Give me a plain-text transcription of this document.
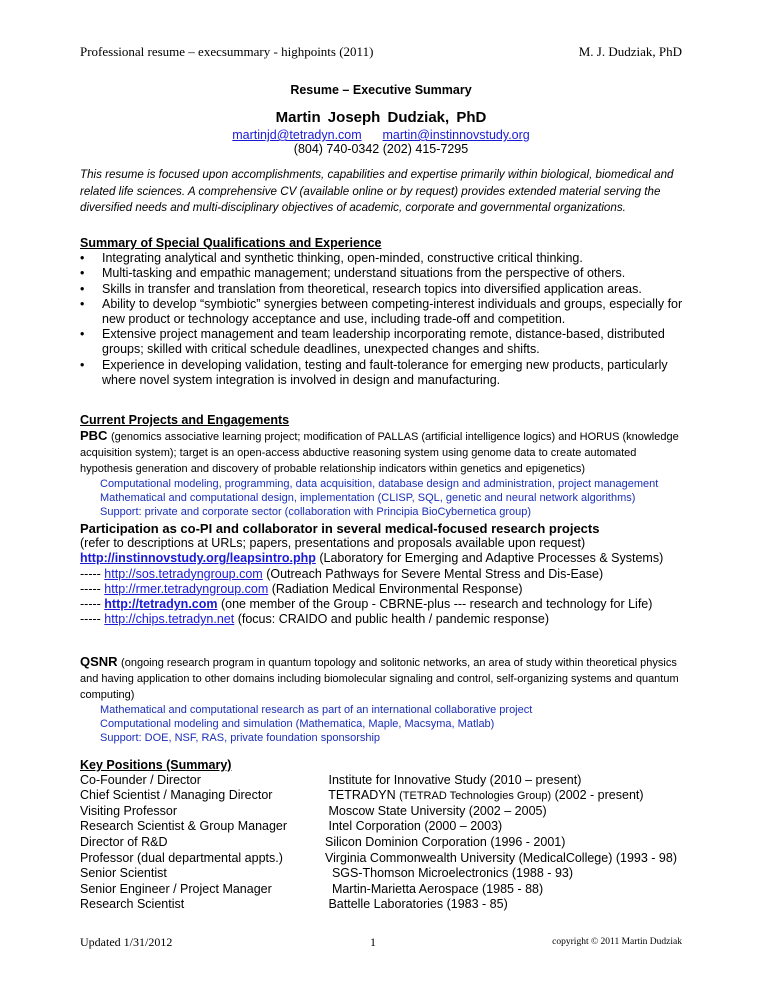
Professional resume – execsummary - highpoints (2011)	M. J. Dudziak, PhD
Resume – Executive Summary
Martin Joseph Dudziak, PhD
martinjd@tetradyn.com martin@instinnovstudy.org
(804) 740-0342 (202) 415-7295
This resume is focused upon accomplishments, capabilities and expertise primarily within biological, biomedical and related life sciences. A comprehensive CV (available online or by request) provides extended material serving the diversified needs and multi-disciplinary objectives of academic, corporate and governmental organizations.
Summary of Special Qualifications and Experience
• Integrating analytical and synthetic thinking, open-minded, constructive critical thinking.
• Multi-tasking and empathic management; understand situations from the perspective of others.
• Skills in transfer and translation from theoretical, research topics into diversified application areas.
• Ability to develop “symbiotic” synergies between competing-interest individuals and groups, especially for new product or technology acceptance and use, including trade-off and competition.
• Extensive project management and team leadership incorporating remote, distance-based, distributed groups; skilled with critical schedule deadlines, unexpected changes and shifts.
• Experience in developing validation, testing and fault-tolerance for emerging new products, particularly where novel system integration is involved in design and manufacturing.
Current Projects and Engagements
PBC (genomics associative learning project; modification of PALLAS (artificial intelligence logics) and HORUS (knowledge acquisition system); target is an open-access abductive reasoning system using genome data to create automated hypothesis generation and discovery of probable relationship indicators within genetics and epigenetics)
Computational modeling, programming, data acquisition, database design and administration, project management
Mathematical and computational design, implementation (CLISP, SQL, genetic and neural network algorithms)
Support: private and corporate sector (collaboration with Principia BioCybernetica group)
Participation as co-PI and collaborator in several medical-focused research projects
(refer to descriptions at URLs; papers, presentations and proposals available upon request)
http://instinnovstudy.org/leapsintro.php (Laboratory for Emerging and Adaptive Processes & Systems)
----- http://sos.tetradyngroup.com (Outreach Pathways for Severe Mental Stress and Dis-Ease)
----- http://rmer.tetradyngroup.com (Radiation Medical Environmental Response)
----- http://tetradyn.com (one member of the Group - CBRNE-plus --- research and technology for Life)
----- http://chips.tetradyn.net (focus: CRAIDO and public health / pandemic response)
QSNR (ongoing research program in quantum topology and solitonic networks, an area of study within theoretical physics and having application to other domains including biomolecular signaling and control, self-organizing systems and quantum computing)
Mathematical and computational research as part of an international collaborative project
Computational modeling and simulation (Mathematica, Maple, Macsyma, Matlab)
Support: DOE, NSF, RAS, private foundation sponsorship
Key Positions (Summary)
Co-Founder / Director	Institute for Innovative Study (2010 – present)
Chief Scientist / Managing Director	TETRADYN (TETRAD Technologies Group) (2002 - present)
Visiting Professor	Moscow State University (2002 – 2005)
Research Scientist & Group Manager	Intel Corporation (2000 – 2003)
Director of R&D	Silicon Dominion Corporation (1996 - 2001)
Professor (dual departmental appts.)	Virginia Commonwealth University (MedicalCollege) (1993 - 98)
Senior Scientist	SGS-Thomson Microelectronics (1988 - 93)
Senior Engineer / Project Manager	Martin-Marietta Aerospace (1985 - 88)
Research Scientist	Battelle Laboratories (1983 - 85)
Updated 1/31/2012	1	copyright © 2011 Martin Dudziak
